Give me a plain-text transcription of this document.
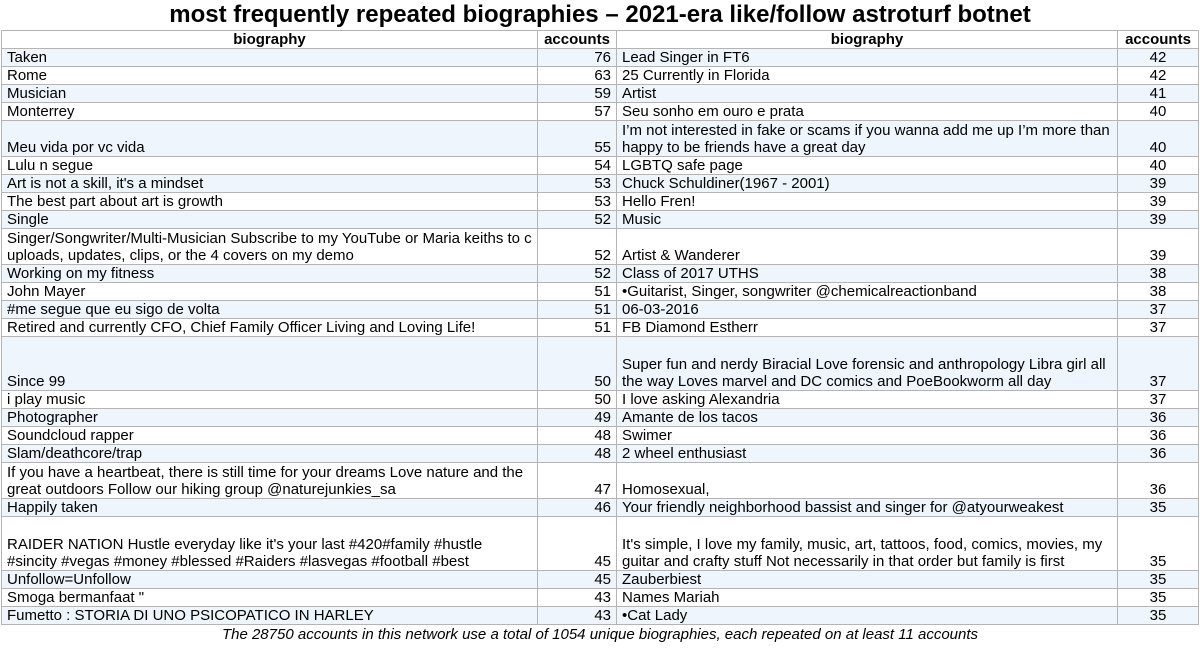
most frequently repeated biographies – 2021-era like/follow astroturf botnet
biography	accounts	biography	accounts
Taken	76	Lead Singer in FT6	42
Rome	63	25 Currently in Florida	42
Musician	59	Artist	41
Monterrey	57	Seu sonho em ouro e prata	40
Meu vida por vc vida	55	I’m not interested in fake or scams if you wanna add me up I’m more than happy to be friends have a great day	40
Lulu n segue	54	LGBTQ safe page	40
Art is not a skill, it's a mindset	53	Chuck Schuldiner(1967 - 2001)	39
The best part about art is growth	53	Hello Fren!	39
Single	52	Music	39
Singer/Songwriter/Multi-Musician Subscribe to my YouTube or Maria keiths to c uploads, updates, clips, or the 4 covers on my demo	52	Artist & Wanderer	39
Working on my fitness	52	Class of 2017 UTHS	38
John Mayer	51	•Guitarist, Singer, songwriter @chemicalreactionband	38
#me segue que eu sigo de volta	51	06-03-2016	37
Retired and currently CFO, Chief Family Officer Living and Loving Life!	51	FB Diamond Estherr	37
Since 99	50	Super fun and nerdy Biracial Love forensic and anthropology Libra girl all the way Loves marvel and DC comics and PoeBookworm all day	37
i play music	50	I love asking Alexandria	37
Photographer	49	Amante de los tacos	36
Soundcloud rapper	48	Swimer	36
Slam/deathcore/trap	48	2 wheel enthusiast	36
If you have a heartbeat, there is still time for your dreams Love nature and the great outdoors Follow our hiking group @naturejunkies_sa	47	Homosexual,	36
Happily taken	46	Your friendly neighborhood bassist and singer for @atyourweakest	35
RAIDER NATION Hustle everyday like it's your last #420#family #hustle #sincity #vegas #money #blessed #Raiders #lasvegas #football #best	45	It's simple, I love my family, music, art, tattoos, food, comics, movies, my guitar and crafty stuff Not necessarily in that order but family is first	35
Unfollow=Unfollow	45	Zauberbiest	35
Smoga bermanfaat "	43	Names Mariah	35
Fumetto : STORIA DI UNO PSICOPATICO IN HARLEY	43	•Cat Lady	35
The 28750 accounts in this network use a total of 1054 unique biographies, each repeated on at least 11 accounts
